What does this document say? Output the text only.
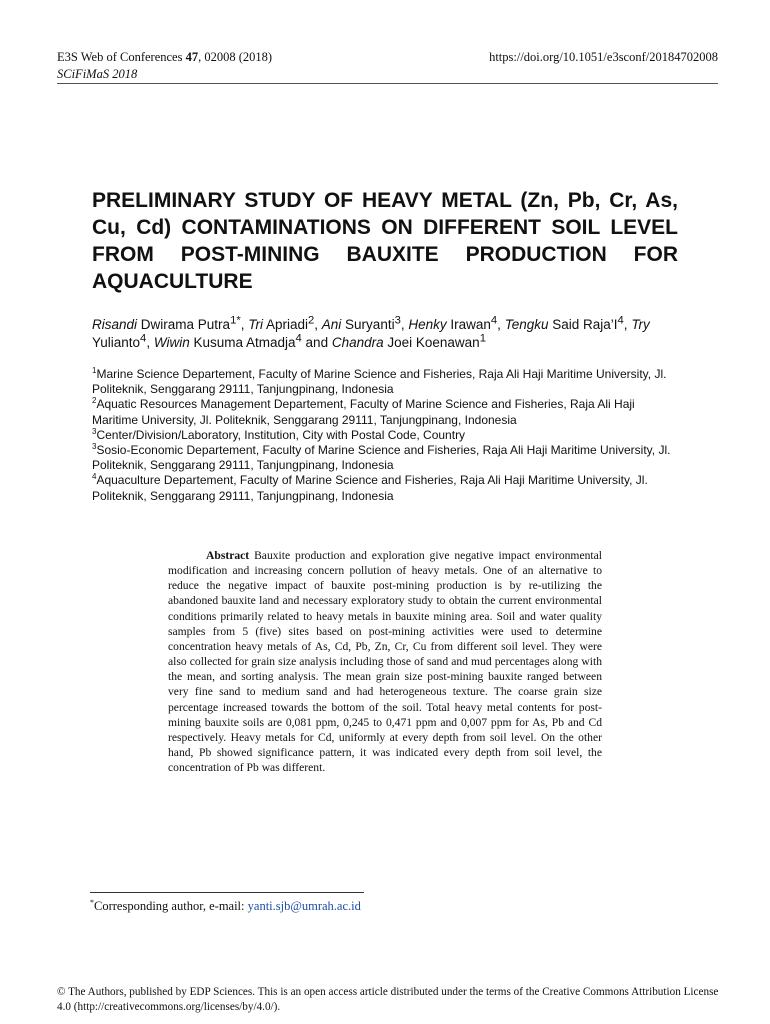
E3S Web of Conferences 47, 02008 (2018)
SCiFiMaS 2018
https://doi.org/10.1051/e3sconf/20184702008
PRELIMINARY STUDY OF HEAVY METAL (Zn, Pb, Cr, As, Cu, Cd) CONTAMINATIONS ON DIFFERENT SOIL LEVEL FROM POST-MINING BAUXITE PRODUCTION FOR AQUACULTURE
Risandi Dwirama Putra$^{1*}$, Tri Apriadi$^2$, Ani Suryanti$^3$, Henky Irawan$^4$, Tengku Said $Raja’I^4$, Try Yulianto$^4$, Wiwin Kusuma Atmadja$^4$ and Chandra Joei Koenawan$^1$
$^1$Marine Science Departement, Faculty of Marine Science and Fisheries, Raja Ali Haji Maritime University, Jl. Politeknik, Senggarang 29111, Tanjungpinang, Indonesia
$^2$Aquatic Resources Management Departement, Faculty of Marine Science and Fisheries, Raja Ali Haji Maritime University, Jl. Politeknik, Senggarang 29111, Tanjungpinang, Indonesia
$^3$Center/Division/Laboratory, Institution, City with Postal Code, Country
$^3$Sosio-Economic Departement, Faculty of Marine Science and Fisheries, Raja Ali Haji Maritime University, Jl. Politeknik, Senggarang 29111, Tanjungpinang, Indonesia
$^4$Aquaculture Departement, Faculty of Marine Science and Fisheries, Raja Ali Haji Maritime University, Jl. Politeknik, Senggarang 29111, Tanjungpinang, Indonesia
Abstract Bauxite production and exploration give negative impact environmental modification and increasing concern pollution of heavy metals. One of an alternative to reduce the negative impact of bauxite post-mining production is by re-utilizing the abandoned bauxite land and necessary exploratory study to obtain the current environmental conditions primarily related to heavy metals in bauxite mining area. Soil and water quality samples from 5 (five) sites based on post-mining activities were used to determine concentration heavy metals of As, Cd, Pb, Zn, Cr, Cu from different soil level. They were also collected for grain size analysis including those of sand and mud percentages along with the mean, and sorting analysis. The mean grain size post-mining bauxite ranged between very fine sand to medium sand and had heterogeneous texture. The coarse grain size percentage increased towards the bottom of the soil. Total heavy metal contents for post-mining bauxite soils are 0,081 ppm, 0,245 to 0,471 ppm and 0,007 ppm for As, Pb and Cd respectively. Heavy metals for Cd, uniformly at every depth from soil level. On the other hand, Pb showed significance pattern, it was indicated every depth from soil level, the concentration of Pb was different.
*Corresponding author, e-mail: yanti.sjb@umrah.ac.id
© The Authors, published by EDP Sciences. This is an open access article distributed under the terms of the Creative Commons Attribution License 4.0 (http://creativecommons.org/licenses/by/4.0/).
